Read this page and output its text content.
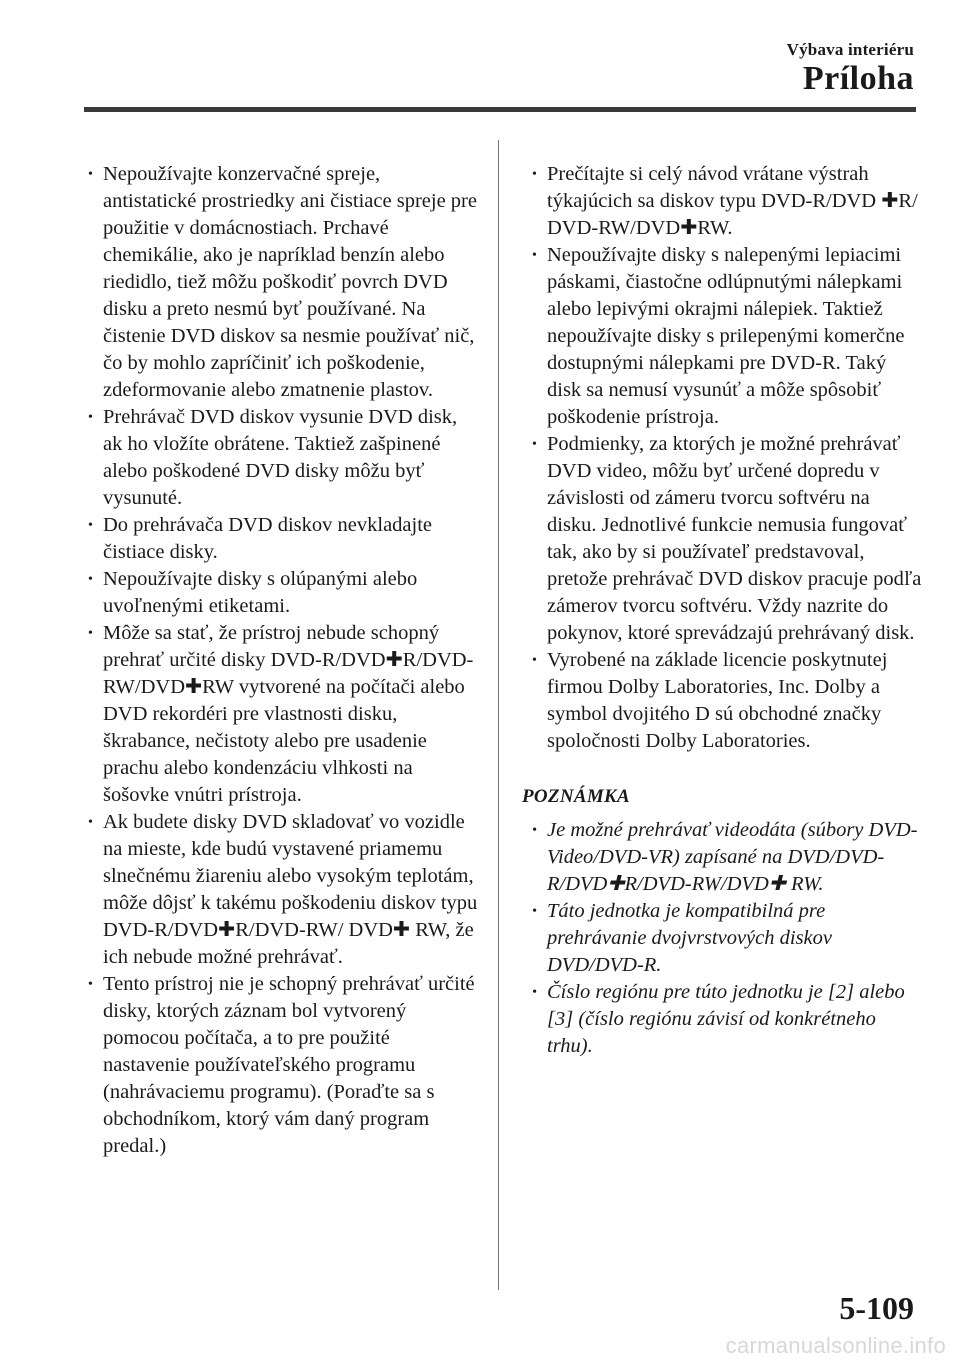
Výbava interiéru
Príloha
• Nepoužívajte konzervačné spreje, antistatické prostriedky ani čistiace spreje pre použitie v domácnostiach. Prchavé chemikálie, ako je napríklad benzín alebo riedidlo, tiež môžu poškodiť povrch DVD disku a preto nesmú byť používané. Na čistenie DVD diskov sa nesmie používať nič, čo by mohlo zapríčiniť ich poškodenie, zdeformovanie alebo zmatnenie plastov.
• Prehrávač DVD diskov vysunie DVD disk, ak ho vložíte obrátene. Taktiež zašpinené alebo poškodené DVD disky môžu byť vysunuté.
• Do prehrávača DVD diskov nevkladajte čistiace disky.
• Nepoužívajte disky s olúpanými alebo uvoľnenými etiketami.
• Môže sa stať, že prístroj nebude schopný prehrať určité disky DVD-R/DVD✚R/DVD-RW/DVD✚RW vytvorené na počítači alebo DVD rekordéri pre vlastnosti disku, škrabance, nečistoty alebo pre usadenie prachu alebo kondenzáciu vlhkosti na šošovke vnútri prístroja.
• Ak budete disky DVD skladovať vo vozidle na mieste, kde budú vystavené priamemu slnečnému žiareniu alebo vysokým teplotám, môže dôjsť k takému poškodeniu diskov typu DVD-R/DVD✚R/DVD-RW/ DVD✚ RW, že ich nebude možné prehrávať.
• Tento prístroj nie je schopný prehrávať určité disky, ktorých záznam bol vytvorený pomocou počítača, a to pre použité nastavenie používateľského programu (nahrávaciemu programu). (Poraďte sa s obchodníkom, ktorý vám daný program predal.)
• Prečítajte si celý návod vrátane výstrah týkajúcich sa diskov typu DVD-R/DVD ✚R/ DVD-RW/DVD✚RW.
• Nepoužívajte disky s nalepenými lepiacimi páskami, čiastočne odlúpnutými nálepkami alebo lepivými okrajmi nálepiek. Taktiež nepoužívajte disky s prilepenými komerčne dostupnými nálepkami pre DVD-R. Taký disk sa nemusí vysunúť a môže spôsobiť poškodenie prístroja.
• Podmienky, za ktorých je možné prehrávať DVD video, môžu byť určené dopredu v závislosti od zámeru tvorcu softvéru na disku. Jednotlivé funkcie nemusia fungovať tak, ako by si používateľ predstavoval, pretože prehrávač DVD diskov pracuje podľa zámerov tvorcu softvéru. Vždy nazrite do pokynov, ktoré sprevádzajú prehrávaný disk.
• Vyrobené na základe licencie poskytnutej firmou Dolby Laboratories, Inc. Dolby a symbol dvojitého D sú obchodné značky spoločnosti Dolby Laboratories.
POZNÁMKA
• Je možné prehrávať videodáta (súbory DVD-Video/DVD-VR) zapísané na DVD/DVD-R/DVD✚R/DVD-RW/DVD✚ RW.
• Táto jednotka je kompatibilná pre prehrávanie dvojvrstvových diskov DVD/DVD-R.
• Číslo regiónu pre túto jednotku je [2] alebo [3] (číslo regiónu závisí od konkrétneho trhu).
5-109
carmanualsonline.info
